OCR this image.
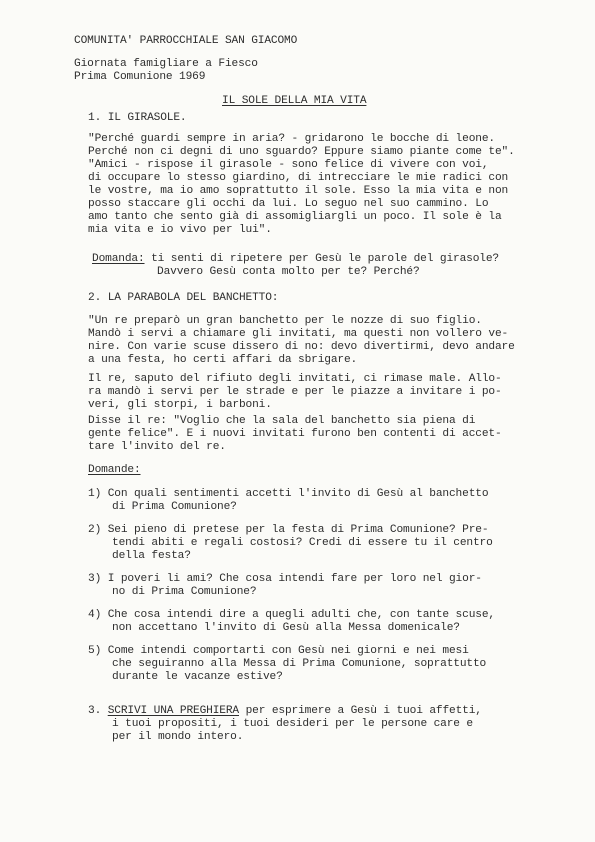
COMUNITA' PARROCCHIALE SAN GIACOMO
Giornata famigliare a Fiesco
Prima Comunione 1969
IL SOLE DELLA MIA VITA
1. IL GIRASOLE.
"Perché guardi sempre in aria? - gridarono le bocche di leone.
Perché non ci degni di uno sguardo? Eppure siamo piante come te".
"Amici - rispose il girasole - sono felice di vivere con voi,
di occupare lo stesso giardino, di intrecciare le mie radici con
le vostre, ma io amo soprattutto il sole. Esso la mia vita e non
posso staccare gli occhi da lui. Lo seguo nel suo cammino. Lo
amo tanto che sento già di assomigliargli un poco. Il sole è la
mia vita e io vivo per lui".
Domanda: ti senti di ripetere per Gesù le parole del girasole?
Davvero Gesù conta molto per te? Perché?
2. LA PARABOLA DEL BANCHETTO:
"Un re preparò un gran banchetto per le nozze di suo figlio.
Mandò i servi a chiamare gli invitati, ma questi non vollero ve-
nire. Con varie scuse dissero di no: devo divertirmi, devo andare
a una festa, ho certi affari da sbrigare.
Il re, saputo del rifiuto degli invitati, ci rimase male. Allo-
ra mandò i servi per le strade e per le piazze a invitare i po-
veri, gli storpi, i barboni.
Disse il re: "Voglio che la sala del banchetto sia piena di
gente felice". E i nuovi invitati furono ben contenti di accet-
tare l'invito del re.
Domande:
1) Con quali sentimenti accetti l'invito di Gesù al banchetto
di Prima Comunione?
2) Sei pieno di pretese per la festa di Prima Comunione? Pre-
tendi abiti e regali costosi? Credi di essere tu il centro
della festa?
3) I poveri li ami? Che cosa intendi fare per loro nel gior-
no di Prima Comunione?
4) Che cosa intendi dire a quegli adulti che, con tante scuse,
non accettano l'invito di Gesù alla Messa domenicale?
5) Come intendi comportarti con Gesù nei giorni e nei mesi
che seguiranno alla Messa di Prima Comunione, soprattutto
durante le vacanze estive?
3. SCRIVI UNA PREGHIERA per esprimere a Gesù i tuoi affetti,
i tuoi propositi, i tuoi desideri per le persone care e
per il mondo intero.
